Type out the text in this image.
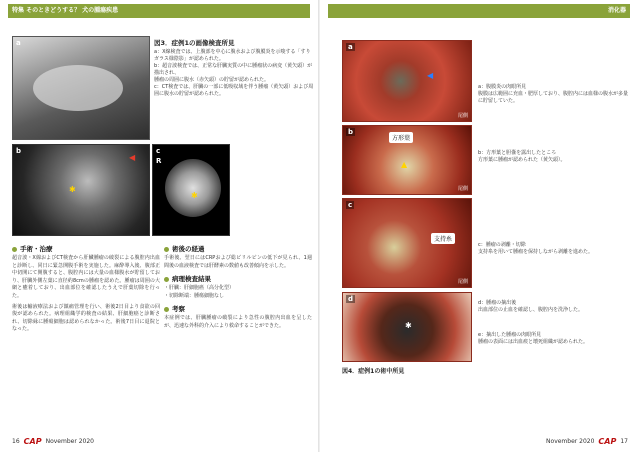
特集 そのときどうする？ 犬の腫瘍疾患
a
b
✱
◀
c
R
✱
図3．症例1の画像検査所見
a：X線検査では、上腹部を中心に腹水および腹膜炎を示唆する「すりガラス様陰影」が認められた。
b：超音波検査では、正常な肝臓実質の中に腫瘤状の病変（黄矢頭）が描出され、
腫瘤の周囲に腹水（赤矢頭）の貯留が認められた。
c：CT検査では、肝臓の一部に低吸収域を伴う腫瘤（黄矢頭）および周囲に腹水の貯留が認められた。
手術・治療
超音波・X線およびCT検査から肝臓腫瘤の破裂による腹腔内出血と診断し、同日に緊急開腹手術を実施した。麻酔導入後、腹部正中切開にて開腹すると、腹腔内には大量の血様腹水が貯留しており、肝臓外側左葉に直径約8cmの腫瘤を認めた。腫瘤は周囲の大網と癒着しており、出血部位を確認したうえで肝葉切除を行った。
術後は輸液療法および鎮痛管理を行い、術後2日目より食欲の回復が認められた。病理組織学的検査の結果、肝細胞癌と診断され、切除縁に腫瘍細胞は認められなかった。術後7日目に退院となった。
術後の経過
手術後、翌日にはCRPおよび総ビリルビンの低下が見られ、1週間後の血液検査では肝酵素の数値も改善傾向を示した。
病理検査結果
・肝臓：肝細胞癌（高分化型）
・切除断端：腫瘍細胞なし
考察
本症例では、肝臓腫瘤の破裂により急性の腹腔内出血を呈したが、迅速な外科的介入により救命することができた。
16 CAP November 2020
消化器
a
◀
尾側
b
方形葉
▲
尾側
c
支持糸
尾側
d
✱
a：腹膜炎の肉眼所見
腹膜は広範囲に充血・肥厚しており、腹腔内には血様の腹水が多量に貯留していた。
b：方形葉と胆嚢を露出したところ
方形葉に腫瘤が認められた（黄矢頭）。
c：腫瘤の剥離・切除
支持糸を用いて腫瘤を保持しながら剥離を進めた。
d：腫瘤の摘出後
出血部位の止血を確認し、腹腔内を洗浄した。
e：摘出した腫瘤の肉眼所見
腫瘤の表面には出血痕と壊死組織が認められた。
図4．症例1の術中所見
November 2020 CAP 17
